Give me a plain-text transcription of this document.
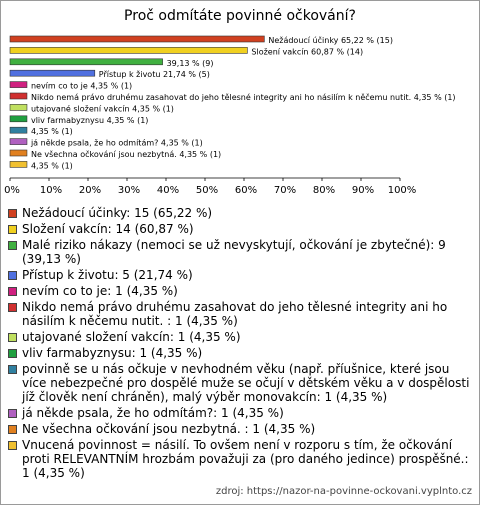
Proč odmítáte povinné očkování?
Nežádoucí účinky 65,22 % (15)
Složení vakcín 60,87 % (14)
39,13 % (9)
Přístup k životu 21,74 % (5)
nevím co to je 4,35 % (1)
Nikdo nemá právo druhému zasahovat do jeho tělesné integrity ani ho násilím k něčemu nutit. 4,35 % (1)
utajované složení vakcín 4,35 % (1)
vliv farmabyznysu 4,35 % (1)
4,35 % (1)
já někde psala, že ho odmítám? 4,35 % (1)
Ne všechna očkování jsou nezbytná. 4,35 % (1)
4,35 % (1)
0% 10% 20% 30% 40% 50% 60% 70% 80% 90% 100%
Nežádoucí účinky: 15 (65,22 %)
Složení vakcín: 14 (60,87 %)
Malé riziko nákazy (nemoci se už nevyskytují, očkování je zbytečné): 9 (39,13 %)
Přístup k životu: 5 (21,74 %)
nevím co to je: 1 (4,35 %)
Nikdo nemá právo druhému zasahovat do jeho tělesné integrity ani ho násilím k něčemu nutit. : 1 (4,35 %)
utajované složení vakcín: 1 (4,35 %)
vliv farmabyznysu: 1 (4,35 %)
povinně se u nás očkuje v nevhodném věku (např. příušnice, které jsou více nebezpečné pro dospělé muže se očují v dětském věku a v dospělosti jíž člověk není chráněn), malý výběr monovakcín: 1 (4,35 %)
já někde psala, že ho odmítám?: 1 (4,35 %)
Ne všechna očkování jsou nezbytná. : 1 (4,35 %)
Vnucená povinnost = násilí. To ovšem není v rozporu s tím, že očkování proti RELEVANTNÍM hrozbám považuji za (pro daného jedince) prospěšné.: 1 (4,35 %)
zdroj: https://nazor-na-povinne-ockovani.vyplnto.cz
